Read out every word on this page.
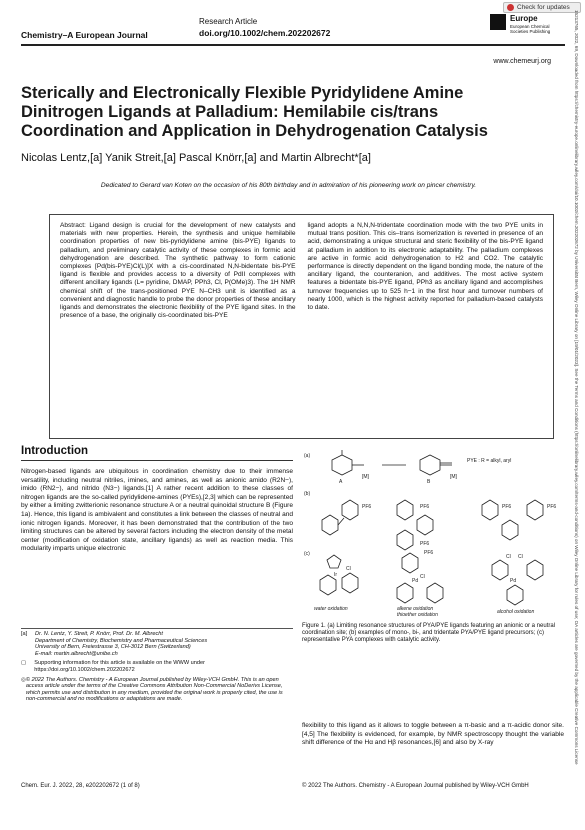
Check for updates
Europe
European Chemical
Societies Publishing
Chemistry–A European Journal
Research Article
doi.org/10.1002/chem.202202672
www.chemeurj.org
Sterically and Electronically Flexible Pyridylidene Amine Dinitrogen Ligands at Palladium: Hemilabile cis/trans Coordination and Application in Dehydrogenation Catalysis
Nicolas Lentz,[a] Yanik Streit,[a] Pascal Knörr,[a] and Martin Albrecht*[a]
Dedicated to Gerard van Koten on the occasion of his 80th birthday and in admiration of his pioneering work on pincer chemistry.
Abstract: Ligand design is crucial for the development of new catalysts and materials with new properties. Herein, the synthesis and unique hemilabile coordination properties of new bis-pyridylidene amine (bis-PYE) ligands to palladium, and preliminary catalytic activity of these complexes in formic acid dehydrogenation are described. The synthetic pathway to form cationic complexes [Pd(bis-PYE)Cl(L)]X with a cis-coordinated N,N-bidentate bis-PYE ligand is flexible and provides access to a diversity of PdII complexes with different ancillary ligands (L= pyridine, DMAP, PPh3, Cl, P(OMe)3). The 1H NMR chemical shift of the trans-positioned PYE N–CH3 unit is identified as a convenient and diagnostic handle to probe the donor properties of these ancillary ligands and demonstrates the electronic flexibility of the PYE ligand sites. In the presence of a base, the originally cis-coordinated bis-PYE
ligand adopts a N,N,N-tridentate coordination mode with the two PYE units in mutual trans position. This cis–trans isomerization is reverted in presence of an acid, demonstrating a unique structural and steric flexibility of the bis-PYE ligand at palladium in addition to its electronic adaptability. The palladium complexes are active in formic acid dehydrogenation to H2 and CO2. The catalytic performance is directly dependent on the ligand bonding mode, the nature of the ancillary ligand, the counteranion, and additives. The most active system features a bidentate bis-PYE ligand, PPh3 as ancillary ligand and accomplishes turnover frequencies up to 525 h−1 in the first hour and turnover numbers of nearly 1000, which is the highest activity reported for palladium-based catalysts to date.
Introduction
Nitrogen-based ligands are ubiquitous in coordination chemistry due to their immense versatility, including neutral nitriles, imines, and amines, as well as anionic amido (R2N−), imido (RN2−), and nitrido (N3−) ligands.[1] A rather recent addition to these classes of nitrogen ligands are the so-called pyridylidene-amines (PYEs),[2,3] which can be represented by either a limiting zwitterionic resonance structure A or a neutral quinoidal structure B (Figure 1a). Hence, this ligand is ambivalent and constitutes a link between the classes of neutral and ionic nitrogen ligands. Moreover, it has been demonstrated that the contribution of the two limiting structures can be altered by several factors including the electron density of the metal center (modification of oxidation state, ancillary ligands) as well as reaction media. This modularity imparts unique electronic
(a)
A	B
[M]	[M]
PYE : R = alkyl, aryl
(b)
PF6	PF6
PF6
PF6	PF6
(c)
Ir
Pd	Pd
Cl
Cl
Cl Cl
PF6
water oxidation	alkene oxidation
thioether oxidation	alcohol oxidation
Figure 1. (a) Limiting resonance structures of PYA/PYE ligands featuring an anionic or a neutral coordination site; (b) examples of mono-, bi-, and tridentate PYA/PYE ligand precursors; (c) representative PYA complexes with catalytic activity.
[a]	Dr. N. Lentz, Y. Streit, P. Knörr, Prof. Dr. M. Albrecht
Department of Chemistry, Biochemistry and Pharmaceutical Sciences
University of Bern, Freiestrasse 3, CH-3012 Bern (Switzerland)
E-mail: martin.albrecht@unibe.ch
▢	Supporting information for this article is available on the WWW under https://doi.org/10.1002/chem.202202672
◎ © 2022 The Authors. Chemistry - A European Journal published by Wiley-VCH GmbH. This is an open access article under the terms of the Creative Commons Attribution Non-Commercial NoDerivs License, which permits use and distribution in any medium, provided the original work is properly cited, the use is non-commercial and no modifications or adaptations are made.
flexibility to this ligand as it allows to toggle between a π-basic and a π-acidic donor site.[4,5] The flexibility is evidenced, for example, by NMR spectroscopy thought the variable shift difference of the Hα and Hβ resonances,[6] and also by X-ray
Chem. Eur. J. 2022, 28, e202202672 (1 of 8)	© 2022 The Authors. Chemistry - A European Journal published by Wiley-VCH GmbH
15213765, 2022, 69, Downloaded from https://chemistry-europe.onlinelibrary.wiley.com/doi/10.1002/chem.202202672 by Universität Bern, Wiley Online Library on [19/01/2023]. See the Terms and Conditions (https://onlinelibrary.wiley.com/terms-and-conditions) on Wiley Online Library for rules of use; OA articles are governed by the applicable Creative Commons License
